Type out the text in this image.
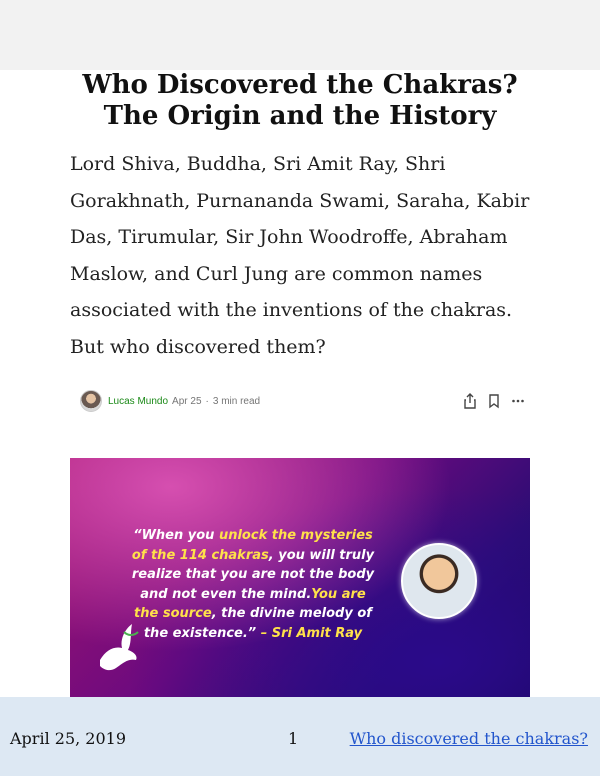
Who Discovered the Chakras?
The Origin and the History
Lord Shiva, Buddha, Sri Amit Ray, Shri Gorakhnath, Purnananda Swami, Saraha, Kabir Das, Tirumular, Sir John Woodroffe, Abraham Maslow, and Curl Jung are common names associated with the inventions of the chakras. But who discovered them?
Lucas Mundo Apr 25 · 3 min read
“When you unlock the mysteries of the 114 chakras, you will truly realize that you are not the body and not even the mind.You are the source, the divine melody of the existence.” – Sri Amit Ray
April 25, 2019	1	Who discovered the chakras?
